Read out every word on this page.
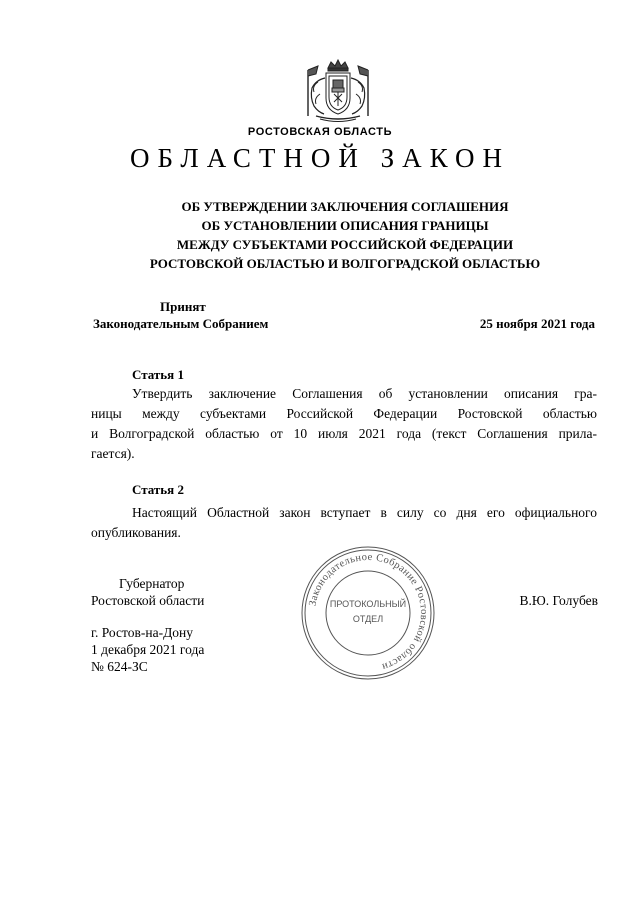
РОСТОВСКАЯ ОБЛАСТЬ
ОБЛАСТНОЙ ЗАКОН
ОБ УТВЕРЖДЕНИИ ЗАКЛЮЧЕНИЯ СОГЛАШЕНИЯ
ОБ УСТАНОВЛЕНИИ ОПИСАНИЯ ГРАНИЦЫ
МЕЖДУ СУБЪЕКТАМИ РОССИЙСКОЙ ФЕДЕРАЦИИ
РОСТОВСКОЙ ОБЛАСТЬЮ И ВОЛГОГРАДСКОЙ ОБЛАСТЬЮ
Принят
Законодательным Собранием	25 ноября 2021 года
Статья 1
Утвердить заключение Соглашения об установлении описания гра-
ницы между субъектами Российской Федерации Ростовской областью
и Волгоградской областью от 10 июля 2021 года (текст Соглашения прила-
гается).
Статья 2
Настоящий Областной закон вступает в силу со дня его официального
опубликования.
Губернатор
Ростовской области	В.Ю. Голубев
г. Ростов-на-Дону
1 декабря 2021 года
№ 624-ЗС
Законодательное Собрание Ростовской области
ПРОТОКОЛЬНЫЙ
ОТДЕЛ
